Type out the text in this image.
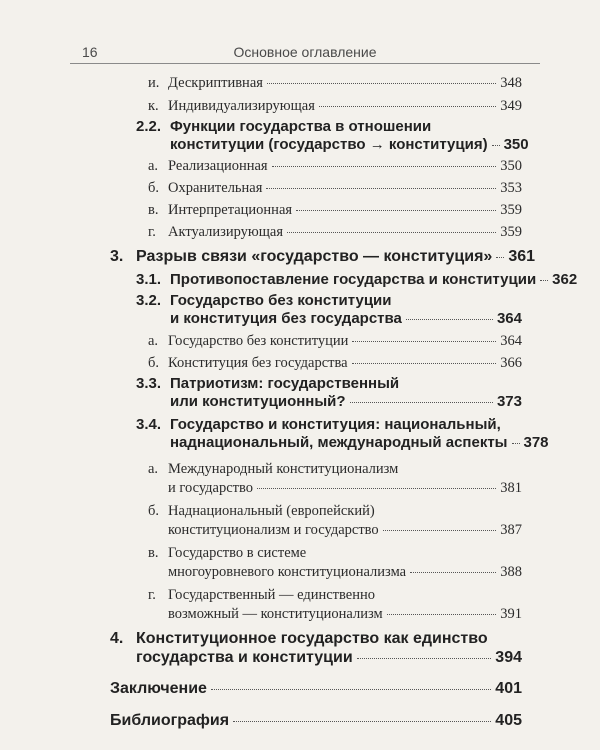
16	Основное оглавление
и. Дескриптивная	348
к. Индивидуализирующая	349
2.2. Функции государства в отношении
конституции (государство → конституция) 350
а. Реализационная	350
б. Охранительная	353
в. Интерпретационная	359
г. Актуализирующая	359
3. Разрыв связи «государство — конституция» 361
3.1. Противопоставление государства и конституции 362
3.2. Государство без конституции
и конституция без государства	364
а. Государство без конституции	364
б. Конституция без государства	366
3.3. Патриотизм: государственный
или конституционный?	373
3.4. Государство и конституция: национальный,
наднациональный, международный аспекты 378
а. Международный конституционализм
и государство	381
б. Наднациональный (европейский)
конституционализм и государство	387
в. Государство в системе
многоуровневого конституционализма	388
г. Государственный — единственно
возможный — конституционализм	391
4. Конституционное государство как единство
государства и конституции	394
Заключение	401
Библиография	405
